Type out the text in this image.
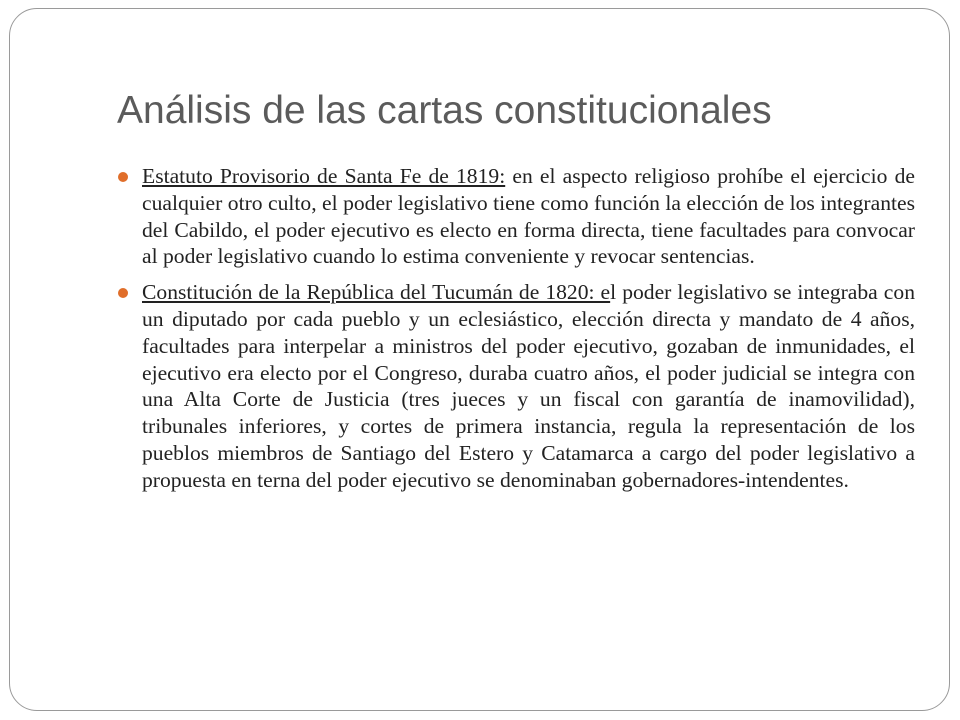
Análisis de las cartas constitucionales
Estatuto Provisorio de Santa Fe de 1819: en el aspecto religioso prohíbe el ejercicio de cualquier otro culto, el poder legislativo tiene como función la elección de los integrantes del Cabildo, el poder ejecutivo es electo en forma directa, tiene facultades para convocar al poder legislativo cuando lo estima conveniente y revocar sentencias.
Constitución de la República del Tucumán de 1820: el poder legislativo se integraba con un diputado por cada pueblo y un eclesiástico, elección directa y mandato de 4 años, facultades para interpelar a ministros del poder ejecutivo, gozaban de inmunidades, el ejecutivo era electo por el Congreso, duraba cuatro años, el poder judicial se integra con una Alta Corte de Justicia (tres jueces y un fiscal con garantía de inamovilidad), tribunales inferiores, y cortes de primera instancia, regula la representación de los pueblos miembros de Santiago del Estero y Catamarca a cargo del poder legislativo a propuesta en terna del poder ejecutivo se denominaban gobernadores-intendentes.
